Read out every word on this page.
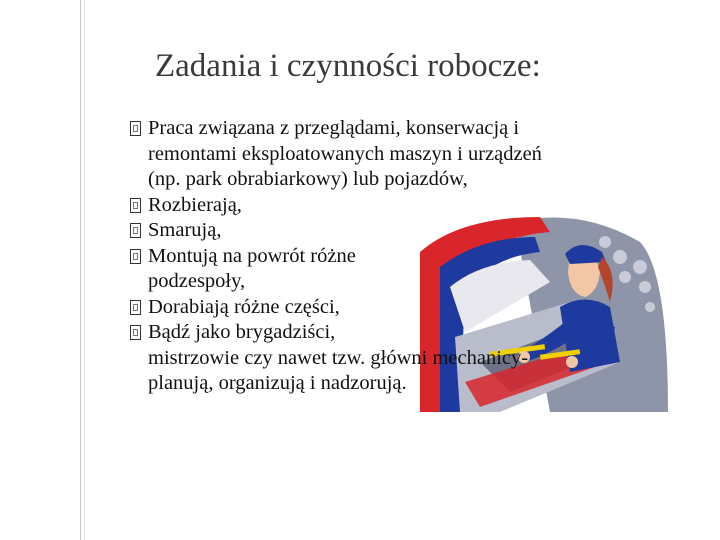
Zadania i czynności robocze:
Praca związana z przeglądami, konserwacją i
remontami eksploatowanych maszyn i urządzeń
(np. park obrabiarkowy) lub pojazdów,
Rozbierają,
Smarują,
Montują na powrót różne
podzespoły,
Dorabiają różne części,
Bądź jako brygadziści,
mistrzowie czy nawet tzw. główni mechanicy-
planują, organizują i nadzorują.
